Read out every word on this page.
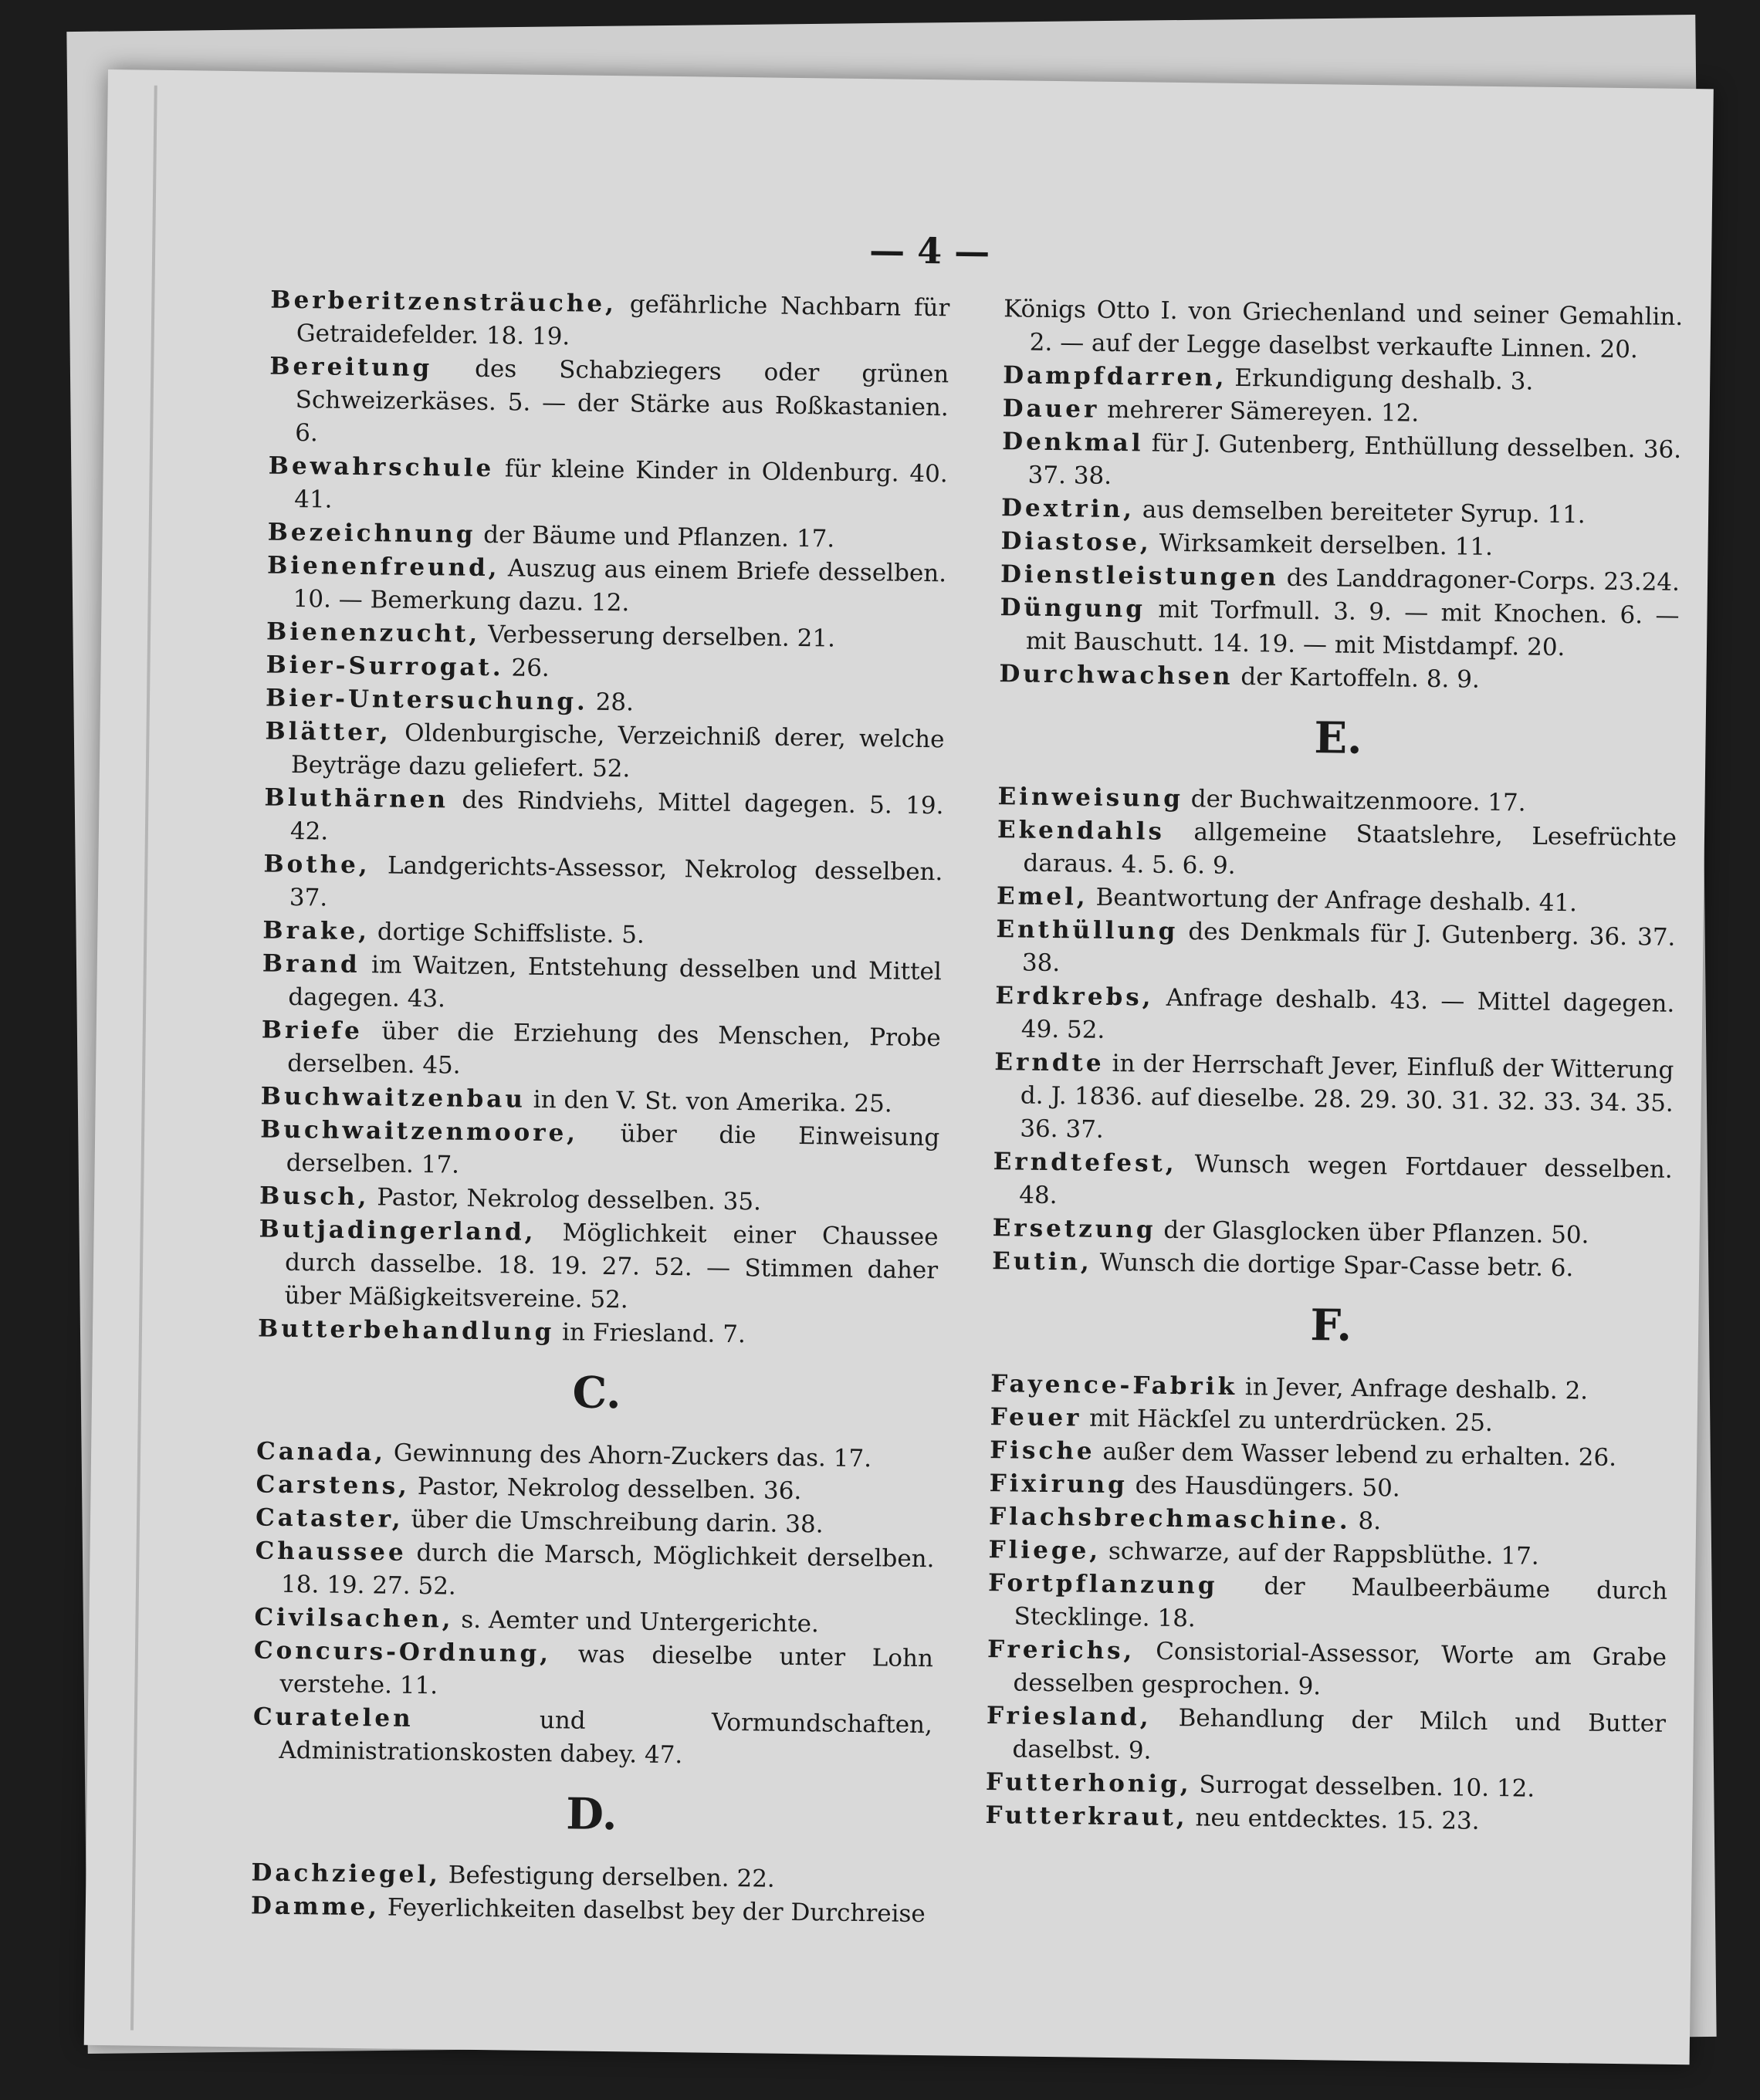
— 4 —

Berberitzensträuche, gefährliche Nachbarn für Getraidefelder. 18. 19.

Bereitung des Schabziegers oder grünen Schweizerkäses. 5. — der Stärke aus Roßkastanien. 6.

Bewahrschule für kleine Kinder in Oldenburg. 40. 41.

Bezeichnung der Bäume und Pflanzen. 17.

Bienenfreund, Auszug aus einem Briefe desselben. 10. — Bemerkung dazu. 12.

Bienenzucht, Verbesserung derselben. 21.

Bier-Surrogat. 26.

Bier-Untersuchung. 28.

Blätter, Oldenburgische, Verzeichniß derer, welche Beyträge dazu geliefert. 52.

Bluthärnen des Rindviehs, Mittel dagegen. 5. 19. 42.

Bothe, Landgerichts-Assessor, Nekrolog desselben. 37.

Brake, dortige Schiffsliste. 5.

Brand im Waitzen, Entstehung desselben und Mittel dagegen. 43.

Briefe über die Erziehung des Menschen, Probe derselben. 45.

Buchwaitzenbau in den V. St. von Amerika. 25.

Buchwaitzenmoore, über die Einweisung derselben. 17.

Busch, Pastor, Nekrolog desselben. 35.

Butjadingerland, Möglichkeit einer Chaussee durch dasselbe. 18. 19. 27. 52. — Stimmen daher über Mäßigkeitsvereine. 52.

Butterbehandlung in Friesland. 7.

C.

Canada, Gewinnung des Ahorn-Zuckers das. 17.

Carstens, Pastor, Nekrolog desselben. 36.

Cataster, über die Umschreibung darin. 38.

Chaussee durch die Marsch, Möglichkeit derselben. 18. 19. 27. 52.

Civilsachen, s. Aemter und Untergerichte.

Concurs-Ordnung, was dieselbe unter Lohn verstehe. 11.

Curatelen und Vormundschaften, Administrationskosten dabey. 47.

D.

Dachziegel, Befestigung derselben. 22.

Damme, Feyerlichkeiten daselbst bey der Durchreise

Königs Otto I. von Griechenland und seiner Gemahlin. 2. — auf der Legge daselbst verkaufte Linnen. 20.

Dampfdarren, Erkundigung deshalb. 3.

Dauer mehrerer Sämereyen. 12.

Denkmal für J. Gutenberg, Enthüllung desselben. 36. 37. 38.

Dextrin, aus demselben bereiteter Syrup. 11.

Diastose, Wirksamkeit derselben. 11.

Dienstleistungen des Landdragoner-Corps. 23.24.

Düngung mit Torfmull. 3. 9. — mit Knochen. 6. — mit Bauschutt. 14. 19. — mit Mistdampf. 20.

Durchwachsen der Kartoffeln. 8. 9.

E.

Einweisung der Buchwaitzenmoore. 17.

Ekendahls allgemeine Staatslehre, Lesefrüchte daraus. 4. 5. 6. 9.

Emel, Beantwortung der Anfrage deshalb. 41.

Enthüllung des Denkmals für J. Gutenberg. 36. 37. 38.

Erdkrebs, Anfrage deshalb. 43. — Mittel dagegen. 49. 52.

Erndte in der Herrschaft Jever, Einfluß der Witterung d. J. 1836. auf dieselbe. 28. 29. 30. 31. 32. 33. 34. 35. 36. 37.

Erndtefest, Wunsch wegen Fortdauer desselben. 48.

Ersetzung der Glasglocken über Pflanzen. 50.

Eutin, Wunsch die dortige Spar-Casse betr. 6.

F.

Fayence-Fabrik in Jever, Anfrage deshalb. 2.

Feuer mit Häckſel zu unterdrücken. 25.

Fische außer dem Wasser lebend zu erhalten. 26.

Fixirung des Hausdüngers. 50.

Flachsbrechmaschine. 8.

Fliege, schwarze, auf der Rappsblüthe. 17.

Fortpflanzung der Maulbeerbäume durch Stecklinge. 18.

Frerichs, Consistorial-Assessor, Worte am Grabe desselben gesprochen. 9.

Friesland, Behandlung der Milch und Butter daselbst. 9.

Futterhonig, Surrogat desselben. 10. 12.

Futterkraut, neu entdecktes. 15. 23.
